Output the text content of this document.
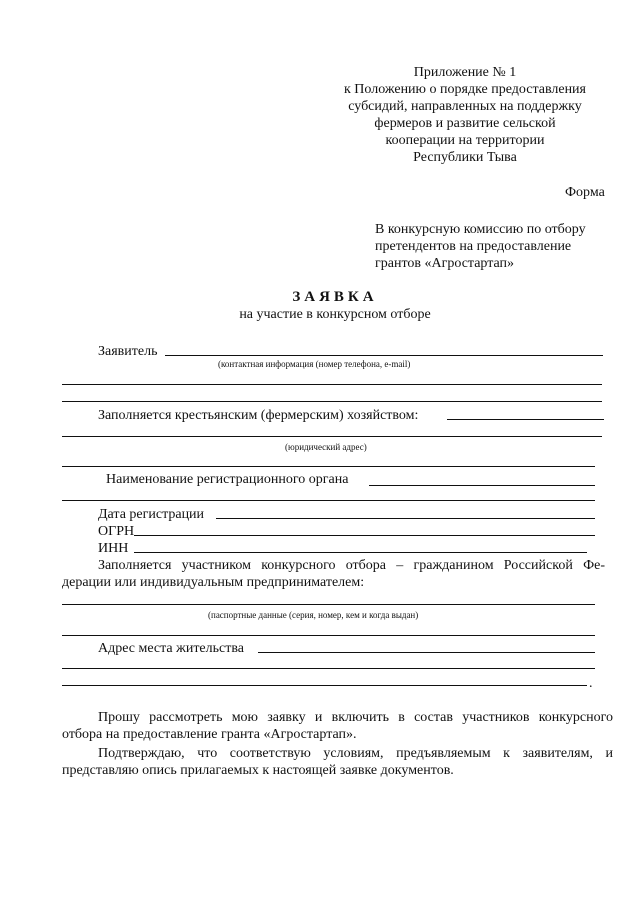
Приложение № 1
к Положению о порядке предоставления
субсидий, направленных на поддержку
фермеров и развитие сельской
кооперации на территории
Республики Тыва
Форма
В конкурсную комиссию по отбору
претендентов на предоставление
грантов «Агростартап»
ЗАЯВКА
на участие в конкурсном отборе
Заявитель
(контактная информация (номер телефона, e-mail)
Заполняется крестьянским (фермерским) хозяйством:
(юридический адрес)
Наименование регистрационного органа
Дата регистрации
ОГРН
ИНН
Заполняется участником конкурсного отбора – гражданином Российской Фе-
дерации или индивидуальным предпринимателем:
(паспортные данные (серия, номер, кем и когда выдан)
Адрес места жительства
.
Прошу рассмотреть мою заявку и включить в состав участников конкурсного
отбора на предоставление гранта «Агростартап».
Подтверждаю, что соответствую условиям, предъявляемым к заявителям, и
представляю опись прилагаемых к настоящей заявке документов.
